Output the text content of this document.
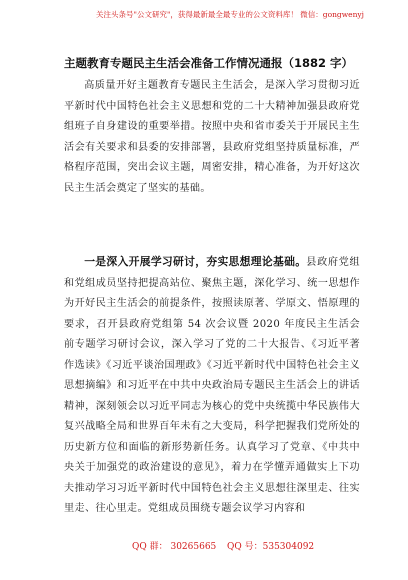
关注头条号"公文研究"，获得最新最全最专业的公文资料库！ 微信：gongwenyj
主题教育专题民主生活会准备工作情况通报（1882 字）
高质量开好主题教育专题民主生活会，是深入学习贯彻习近平新时代中国特色社会主义思想和党的二十大精神加强县政府党组班子自身建设的重要举措。按照中央和省市委关于开展民主生活会有关要求和县委的安排部署，县政府党组坚持质量标准，严格程序范围，突出会议主题，周密安排，精心准备，为开好这次民主生活会奠定了坚实的基础。
一是深入开展学习研讨，夯实思想理论基础。县政府党组和党组成员坚持把提高站位、聚焦主题，深化学习、统一思想作为开好民主生活会的前提条件，按照读原著、学原文、悟原理的要求，召开县政府党组第 54 次会议暨 2020 年度民主生活会前专题学习研讨会议，深入学习了党的二十大报告、《习近平著作选读》《习近平谈治国理政》《习近平新时代中国特色社会主义思想摘编》和习近平在中共中央政治局专题民主生活会上的讲话精神，深刻领会以习近平同志为核心的党中央统揽中华民族伟大复兴战略全局和世界百年未有之大变局，科学把握我们党所处的历史新方位和面临的新形势新任务。认真学习了党章、《中共中央关于加强党的政治建设的意见》，着力在学懂弄通做实上下功夫推动学习习近平新时代中国特色社会主义思想往深里走、往实里走、往心里走。党组成员围绕专题会议学习内容和
QQ 群： 30265665 QQ 号：535304092
